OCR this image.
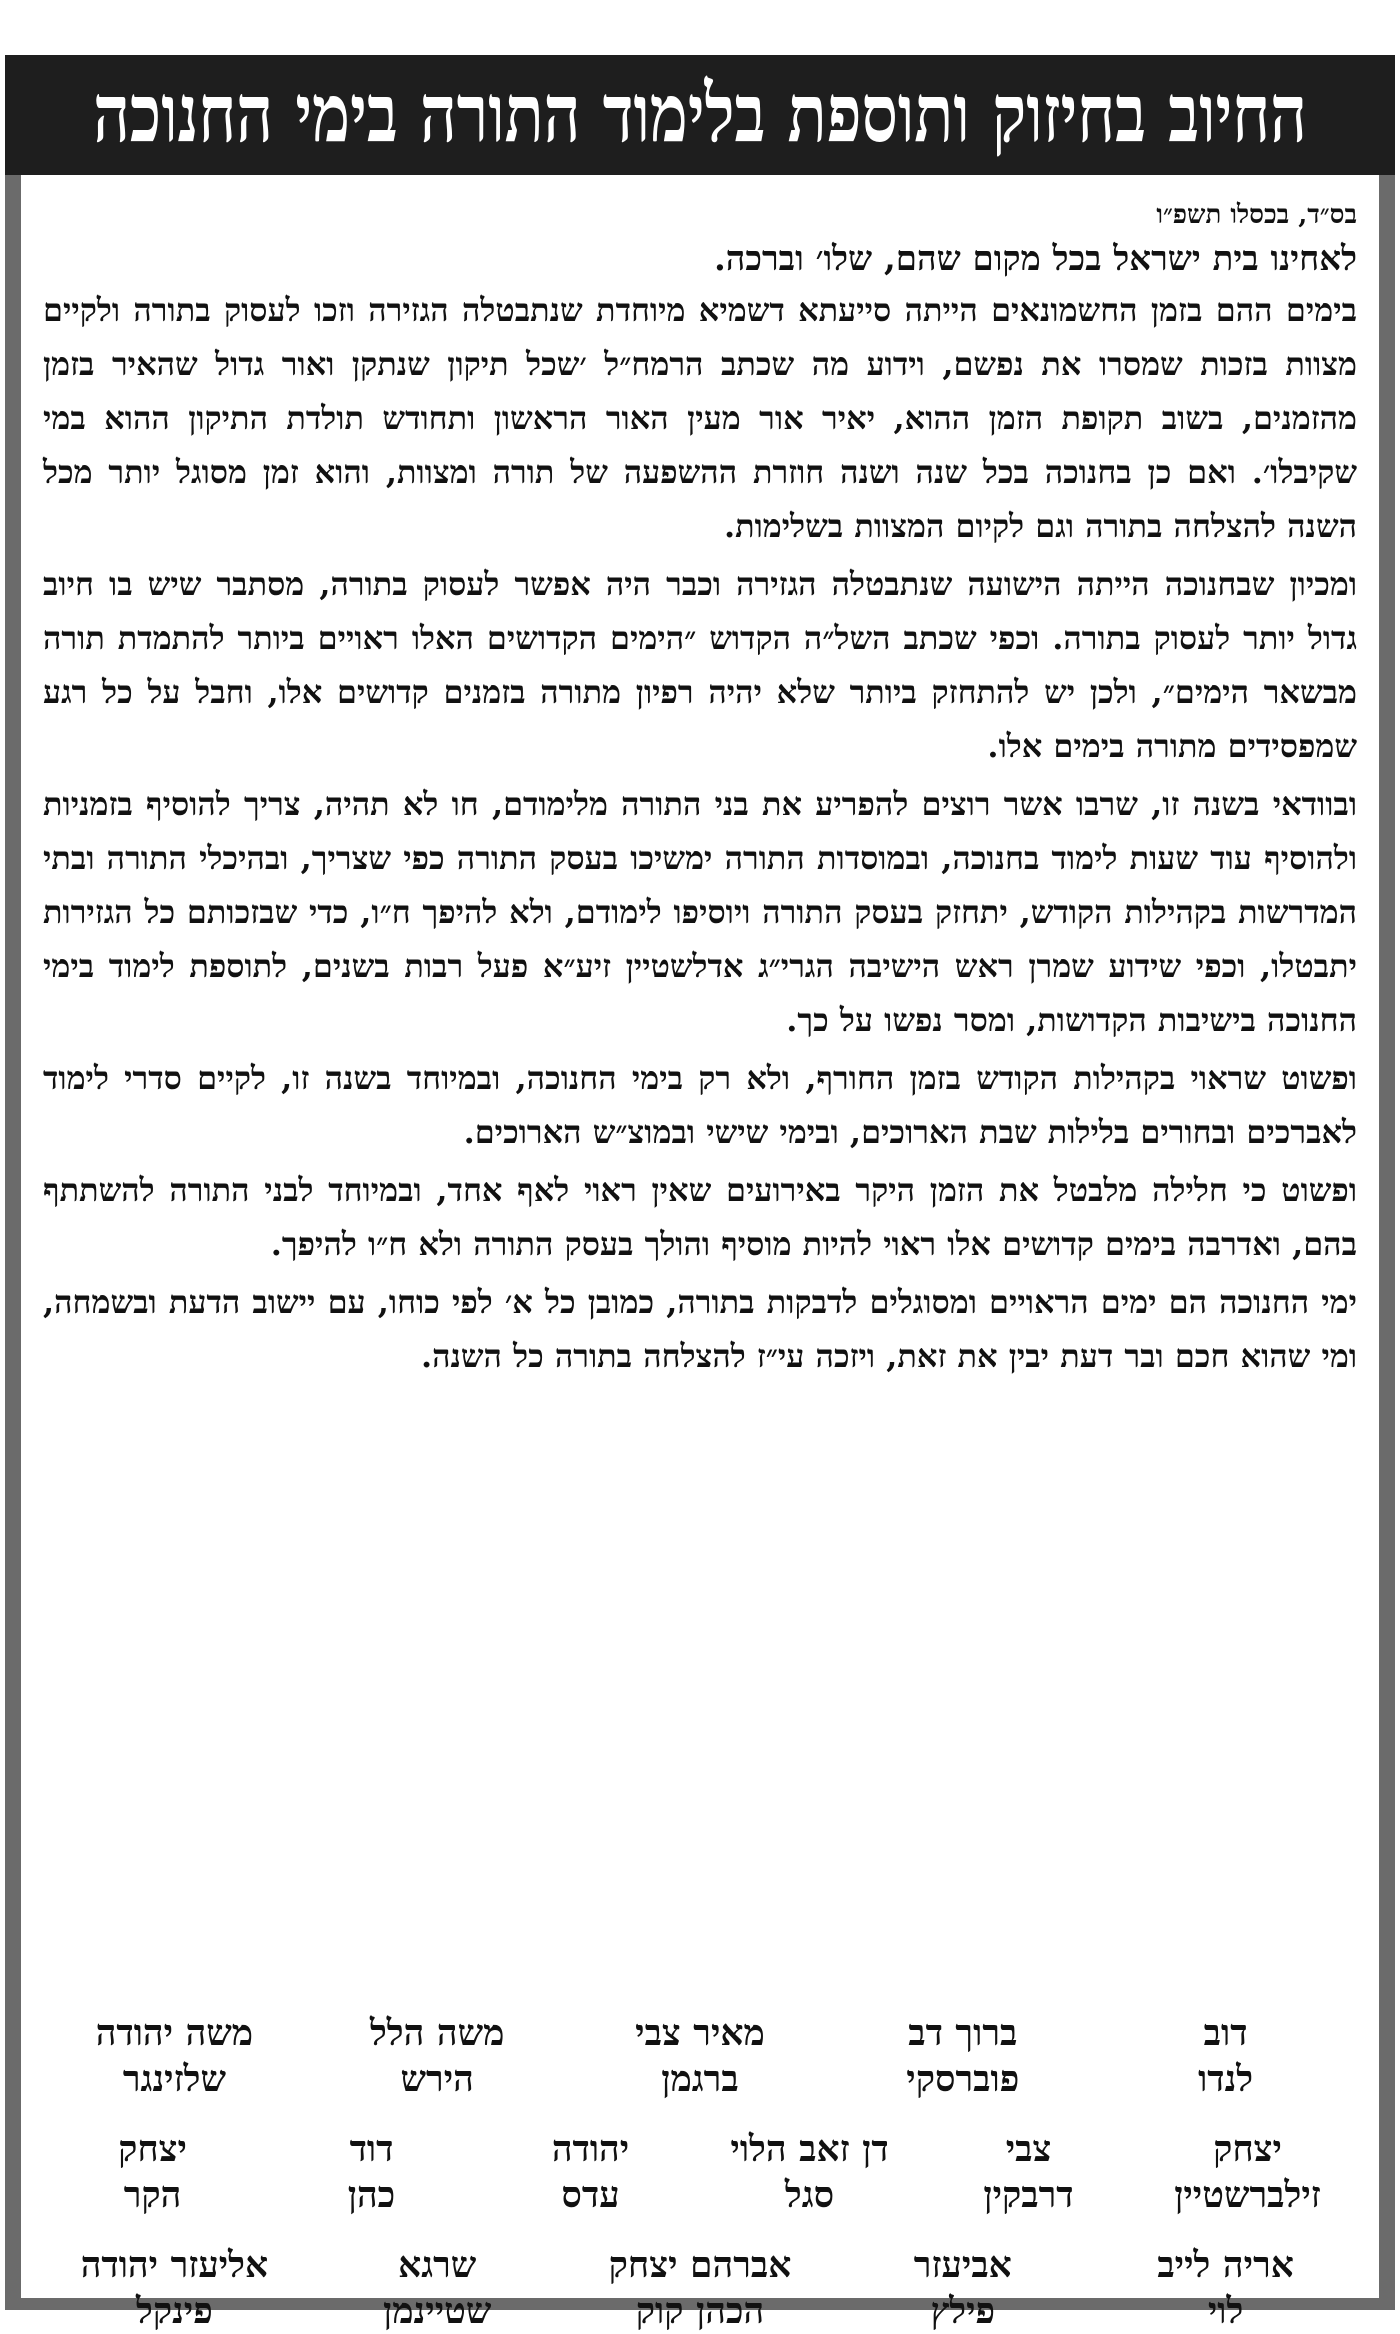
החיוב בחיזוק ותוספת בלימוד התורה בימי החנוכה

בס״ד, בכסלו תשפ״ו

לאחינו בית ישראל בכל מקום שהם, שלו׳ וברכה.

בימים ההם בזמן החשמונאים הייתה סייעתא דשמיא מיוחדת שנתבטלה הגזירה וזכו לעסוק בתורה ולקיים מצוות בזכות שמסרו את נפשם, וידוע מה שכתב הרמח״ל ׳שכל תיקון שנתקן ואור גדול שהאיר בזמן מהזמנים, בשוב תקופת הזמן ההוא, יאיר אור מעין האור הראשון ותחודש תולדת התיקון ההוא במי שקיבלו׳. ואם כן בחנוכה בכל שנה ושנה חוזרת ההשפעה של תורה ומצוות, והוא זמן מסוגל יותר מכל השנה להצלחה בתורה וגם לקיום המצוות בשלימות.

ומכיון שבחנוכה הייתה הישועה שנתבטלה הגזירה וכבר היה אפשר לעסוק בתורה, מסתבר שיש בו חיוב גדול יותר לעסוק בתורה. וכפי שכתב השל״ה הקדוש ״הימים הקדושים האלו ראויים ביותר להתמדת תורה מבשאר הימים״, ולכן יש להתחזק ביותר שלא יהיה רפיון מתורה בזמנים קדושים אלו, וחבל על כל רגע שמפסידים מתורה בימים אלו.

ובוודאי בשנה זו, שרבו אשר רוצים להפריע את בני התורה מלימודם, חו לא תהיה, צריך להוסיף בזמניות ולהוסיף עוד שעות לימוד בחנוכה, ובמוסדות התורה ימשיכו בעסק התורה כפי שצריך, ובהיכלי התורה ובתי המדרשות בקהילות הקודש, יתחזק בעסק התורה ויוסיפו לימודם, ולא להיפך ח״ו, כדי שבזכותם כל הגזירות יתבטלו, וכפי שידוע שמרן ראש הישיבה הגרי״ג אדלשטיין זיע״א פעל רבות בשנים, לתוספת לימוד בימי החנוכה בישיבות הקדושות, ומסר נפשו על כך.

ופשוט שראוי בקהילות הקודש בזמן החורף, ולא רק בימי החנוכה, ובמיוחד בשנה זו, לקיים סדרי לימוד לאברכים ובחורים בלילות שבת הארוכים, ובימי שישי ובמוצ״ש הארוכים.

ופשוט כי חלילה מלבטל את הזמן היקר באירועים שאין ראוי לאף אחד, ובמיוחד לבני התורה להשתתף בהם, ואדרבה בימים קדושים אלו ראוי להיות מוסיף והולך בעסק התורה ולא ח״ו להיפך.

ימי החנוכה הם ימים הראויים ומסוגלים לדבקות בתורה, כמובן כל א׳ לפי כוחו, עם יישוב הדעת ובשמחה, ומי שהוא חכם ובר דעת יבין את זאת, ויזכה עי״ז להצלחה בתורה כל השנה.

דוב
לנדו
ברוך דב
פוברסקי
מאיר צבי
ברגמן
משה הלל
הירש
משה יהודה
שלזינגר
יצחק
זילברשטיין
צבי
דרבקין
דן זאב הלוי
סגל
יהודה
עדס
דוד
כהן
יצחק
הקר
אריה לייב
לוי
אביעזר
פילץ
אברהם יצחק
הכהן קוק
שרגא
שטיינמן
אליעזר יהודה
פינקל
